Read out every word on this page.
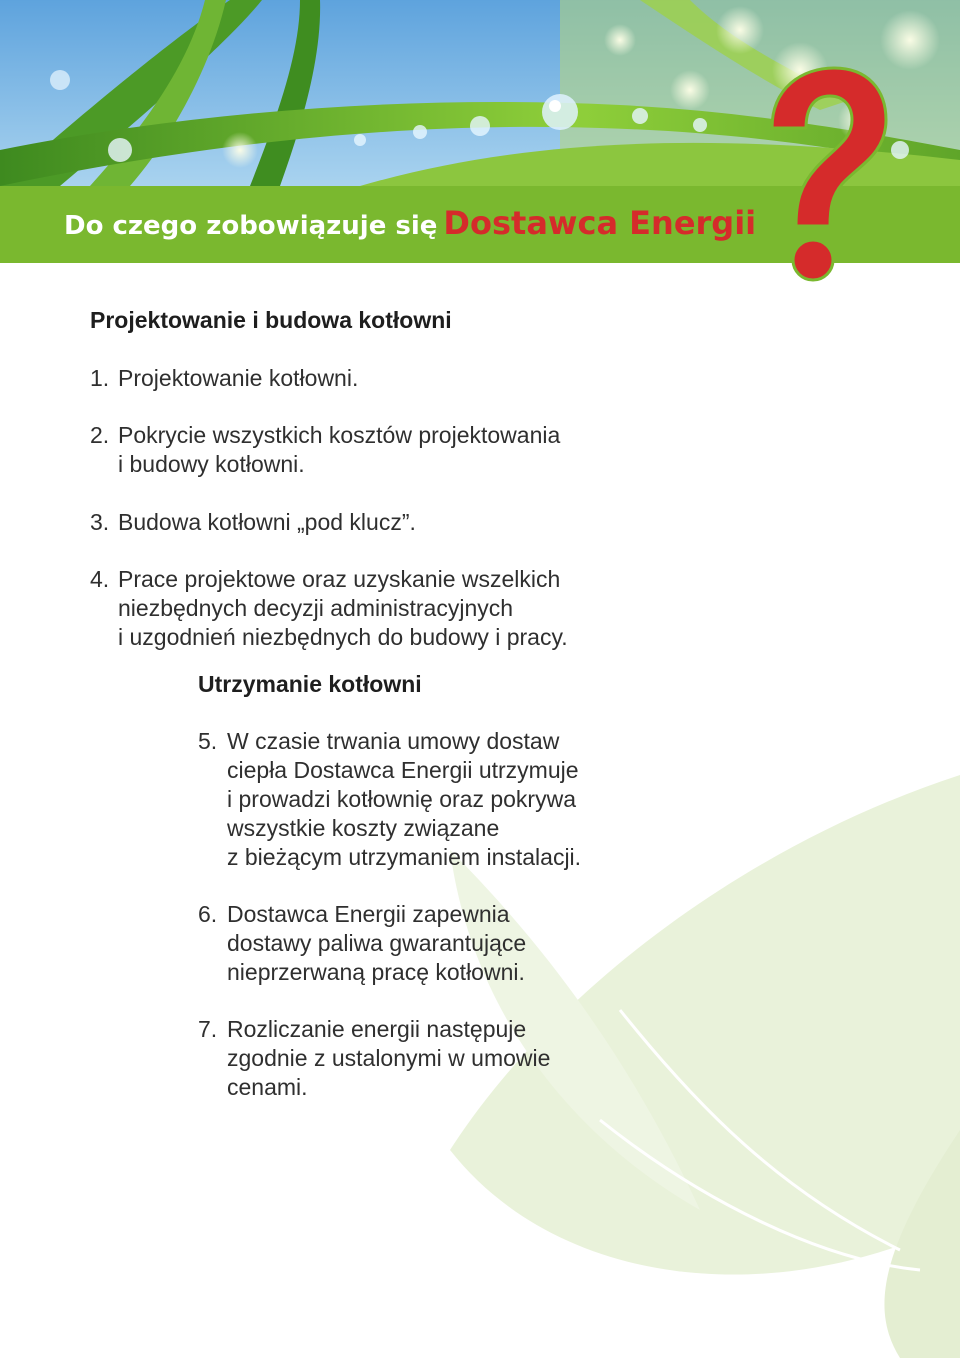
Do czego zobowiązuje się Dostawca Energii
Projektowanie i budowa kotłowni
1. Projektowanie kotłowni.
2. Pokrycie wszystkich kosztów projektowania
i budowy kotłowni.
3. Budowa kotłowni „pod klucz”.
4. Prace projektowe oraz uzyskanie wszelkich
niezbędnych decyzji administracyjnych
i uzgodnień niezbędnych do budowy i pracy.
Utrzymanie kotłowni
5. W czasie trwania umowy dostaw
ciepła Dostawca Energii utrzymuje
i prowadzi kotłownię oraz pokrywa
wszystkie koszty związane
z bieżącym utrzymaniem instalacji.
6. Dostawca Energii zapewnia
dostawy paliwa gwarantujące
nieprzerwaną pracę kotłowni.
7. Rozliczanie energii następuje
zgodnie z ustalonymi w umowie
cenami.
